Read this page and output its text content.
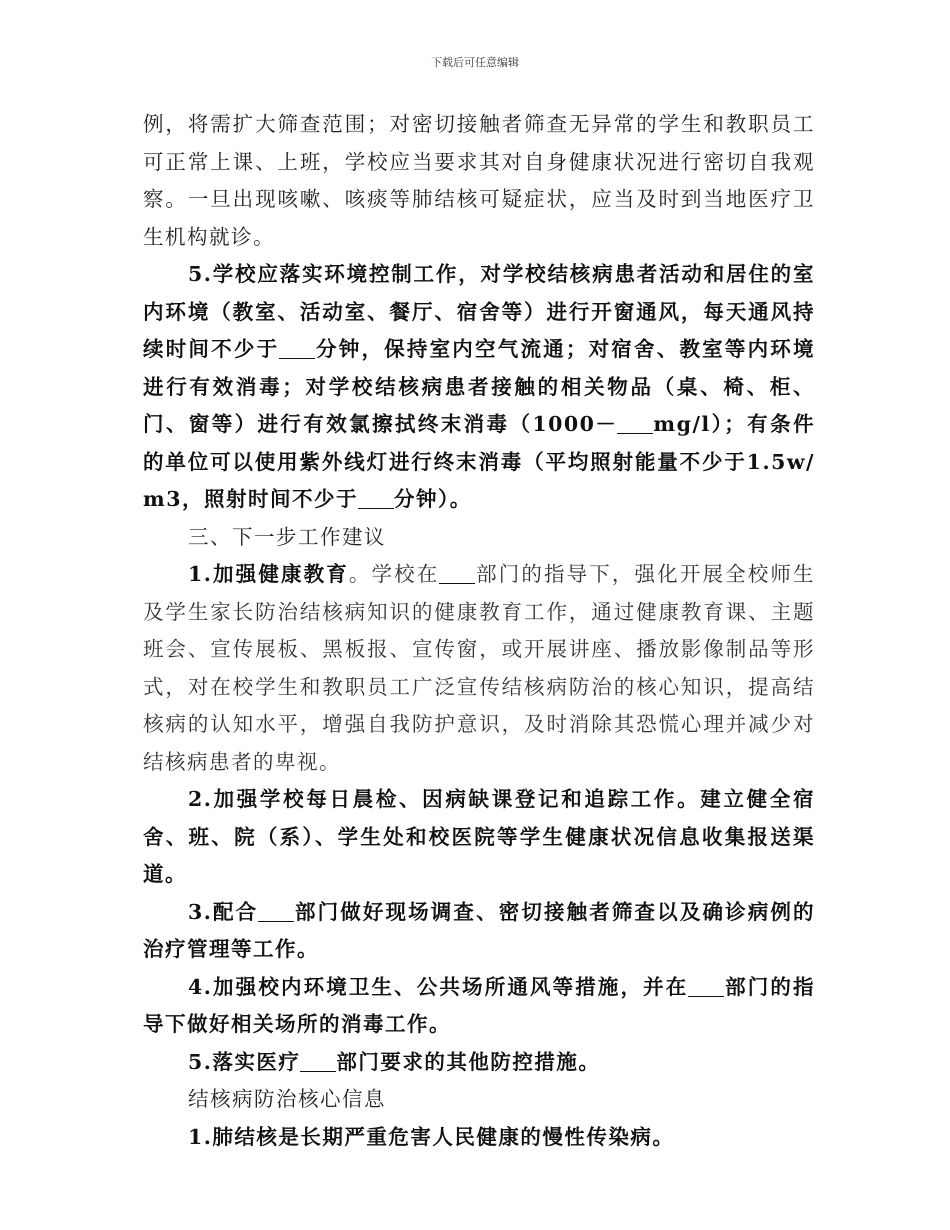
下载后可任意编辑

例，将需扩大筛查范围；对密切接触者筛查无异常的学生和教职员工可正常上课、上班，学校应当要求其对自身健康状况进行密切自我观察。一旦出现咳嗽、咳痰等肺结核可疑症状，应当及时到当地医疗卫生机构就诊。

5.学校应落实环境控制工作，对学校结核病患者活动和居住的室内环境（教室、活动室、餐厅、宿舍等）进行开窗通风，每天通风持续时间不少于 分钟，保持室内空气流通；对宿舍、教室等内环境进行有效消毒；对学校结核病患者接触的相关物品（桌、椅、柜、门、窗等）进行有效氯擦拭终末消毒（1000－ mg/l）；有条件的单位可以使用紫外线灯进行终末消毒（平均照射能量不少于1.5w/m3，照射时间不少于 分钟）。

三、下一步工作建议

1.加强健康教育。学校在 部门的指导下，强化开展全校师生及学生家长防治结核病知识的健康教育工作，通过健康教育课、主题班会、宣传展板、黑板报、宣传窗，或开展讲座、播放影像制品等形式，对在校学生和教职员工广泛宣传结核病防治的核心知识，提高结核病的认知水平，增强自我防护意识，及时消除其恐慌心理并减少对结核病患者的卑视。

2.加强学校每日晨检、因病缺课登记和追踪工作。建立健全宿舍、班、院（系）、学生处和校医院等学生健康状况信息收集报送渠道。

3.配合 部门做好现场调查、密切接触者筛查以及确诊病例的治疗管理等工作。

4.加强校内环境卫生、公共场所通风等措施，并在 部门的指导下做好相关场所的消毒工作。

5.落实医疗 部门要求的其他防控措施。

结核病防治核心信息

1.肺结核是长期严重危害人民健康的慢性传染病。
